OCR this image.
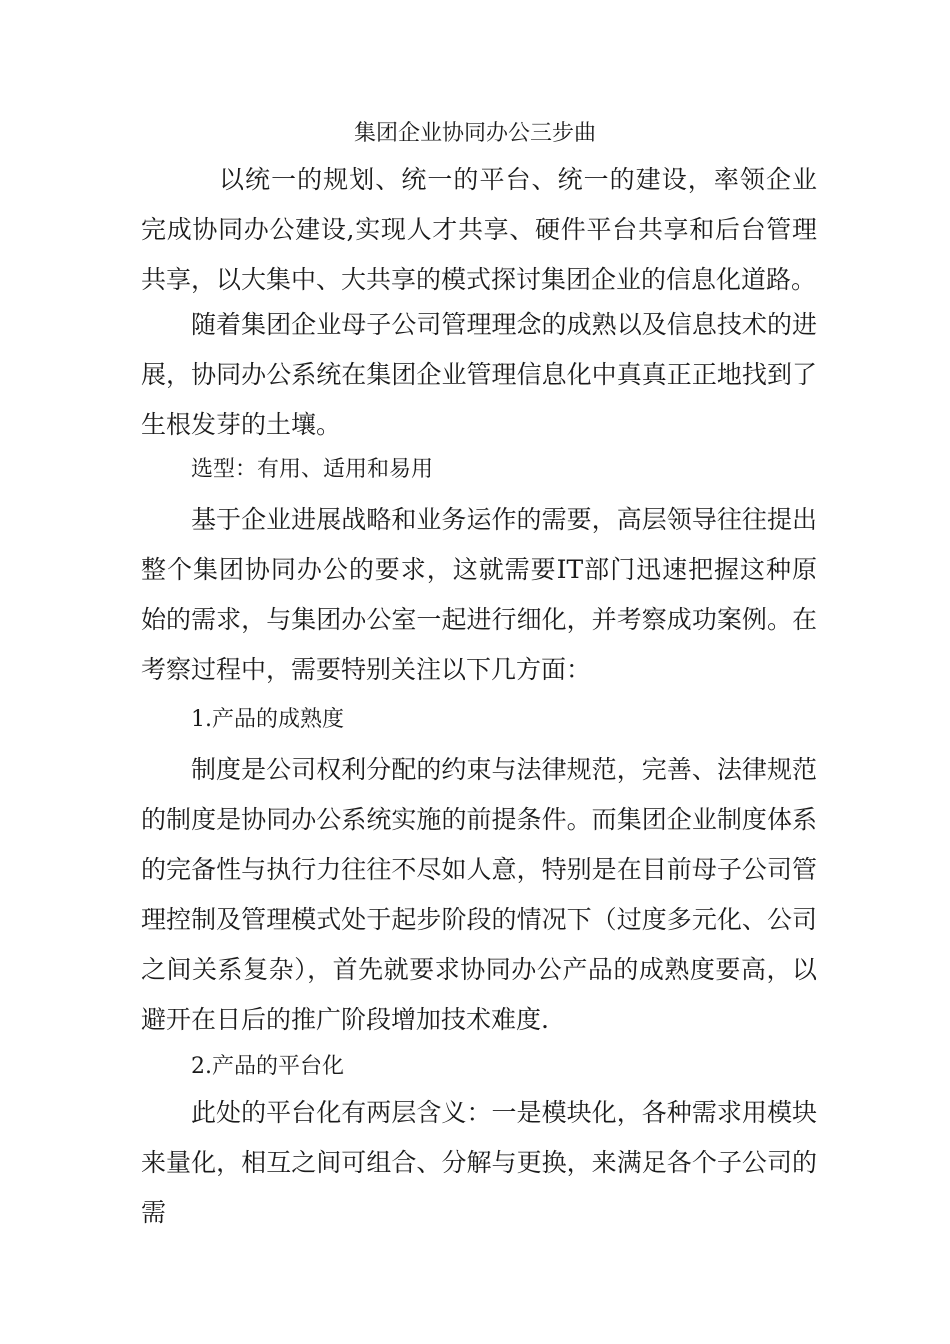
集团企业协同办公三步曲

以统一的规划、统一的平台、统一的建设，率领企业完成协同办公建设,实现人才共享、硬件平台共享和后台管理共享，以大集中、大共享的模式探讨集团企业的信息化道路。

随着集团企业母子公司管理理念的成熟以及信息技术的进展，协同办公系统在集团企业管理信息化中真真正正地找到了生根发芽的土壤。

选型：有用、适用和易用

基于企业进展战略和业务运作的需要，高层领导往往提出整个集团协同办公的要求，这就需要IT部门迅速把握这种原始的需求，与集团办公室一起进行细化，并考察成功案例。在考察过程中，需要特别关注以下几方面：

1.产品的成熟度

制度是公司权利分配的约束与法律规范，完善、法律规范的制度是协同办公系统实施的前提条件。而集团企业制度体系的完备性与执行力往往不尽如人意，特别是在目前母子公司管理控制及管理模式处于起步阶段的情况下（过度多元化、公司之间关系复杂），首先就要求协同办公产品的成熟度要高，以避开在日后的推广阶段增加技术难度.

2.产品的平台化

此处的平台化有两层含义：一是模块化，各种需求用模块来量化，相互之间可组合、分解与更换，来满足各个子公司的需
